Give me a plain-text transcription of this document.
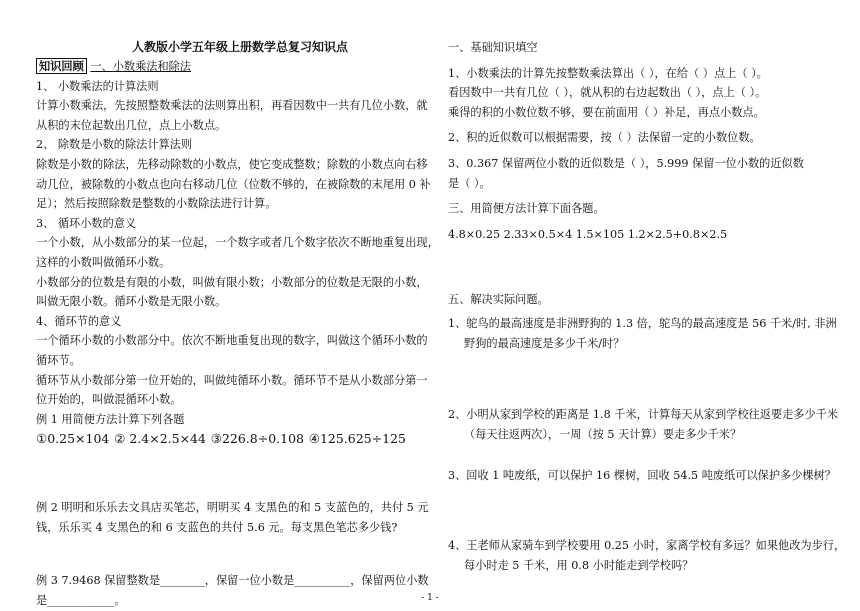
人教版小学五年级上册数学总复习知识点
知识回顾 一、小数乘法和除法
1、 小数乘法的计算法则
计算小数乘法，先按照整数乘法的法则算出积，再看因数中一共有几位小数，就
从积的末位起数出几位，点上小数点。
2、 除数是小数的除法计算法则
除数是小数的除法，先移动除数的小数点，使它变成整数；除数的小数点向右移
动几位，被除数的小数点也向右移动几位（位数不够的，在被除数的末尾用 0 补
足）；然后按照除数是整数的小数除法进行计算。
3、 循环小数的意义
一个小数，从小数部分的某一位起，一个数字或者几个数字依次不断地重复出现，
这样的小数叫做循环小数。
小数部分的位数是有限的小数，叫做有限小数；小数部分的位数是无限的小数，
叫做无限小数。循环小数是无限小数。
4、循环节的意义
一个循环小数的小数部分中。依次不断地重复出现的数字，叫做这个循环小数的
循环节。
循环节从小数部分第一位开始的，叫做纯循环小数。循环节不是从小数部分第一
位开始的，叫做混循环小数。
例 1 用简便方法计算下列各题
①0.25×104 ② 2.4×2.5×44 ③226.8÷0.108 ④125.625÷125
例 2 明明和乐乐去文具店买笔芯，明明买 4 支黑色的和 5 支蓝色的，共付 5 元
钱，乐乐买 4 支黑色的和 6 支蓝色的共付 5.6 元。每支黑色笔芯多少钱?
例 3 7.9468 保留整数是________，保留一位小数是__________，保留两位小数
是____________。
一、基础知识填空
1、小数乘法的计算先按整数乘法算出（ ），在给（ ）点上（ ）。
看因数中一共有几位（ ），就从积的右边起数出（ ），点上（ ）。
乘得的积的小数位数不够，要在前面用（ ）补足，再点小数点。
2、积的近似数可以根据需要，按（ ）法保留一定的小数位数。
3、0.367 保留两位小数的近似数是（ ），5.999 保留一位小数的近似数
是（ ）。
三、用简便方法计算下面各题。
4.8×0.25 2.33×0.5×4 1.5×105 1.2×2.5+0.8×2.5
五、解决实际问题。
1、鸵鸟的最高速度是非洲野狗的 1.3 倍，鸵鸟的最高速度是 56 千米/时, 非洲
野狗的最高速度是多少千米/时？
2、小明从家到学校的距离是 1.8 千米，计算每天从家到学校往返要走多少千米
（每天往返两次），一周（按 5 天计算）要走多少千米？
3、回收 1 吨废纸，可以保护 16 棵树，回收 54.5 吨废纸可以保护多少棵树？
4、王老师从家骑车到学校要用 0.25 小时，家离学校有多远？如果他改为步行，
每小时走 5 千米，用 0.8 小时能走到学校吗？
- 1 -
